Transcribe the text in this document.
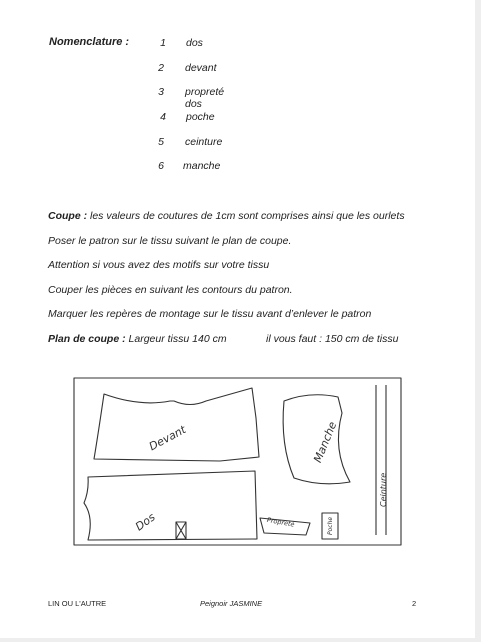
Nomenclature :	1 dos
2 devant
3 propreté dos
4 poche
5 ceinture
6 manche
Coupe : les valeurs de coutures de 1cm sont comprises ainsi que les ourlets
Poser le patron sur le tissu suivant le plan de coupe.
Attention si vous avez des motifs sur votre tissu
Couper les pièces en suivant les contours du patron.
Marquer les repères de montage sur le tissu avant d’enlever le patron
Plan de coupe : Largeur tissu 140 cm	il vous faut : 150 cm de tissu
Devant
Dos
Manche
Ceinture
Propreté	Poche
LIN OU L'AUTRE	Peignoir JASMINE	2
